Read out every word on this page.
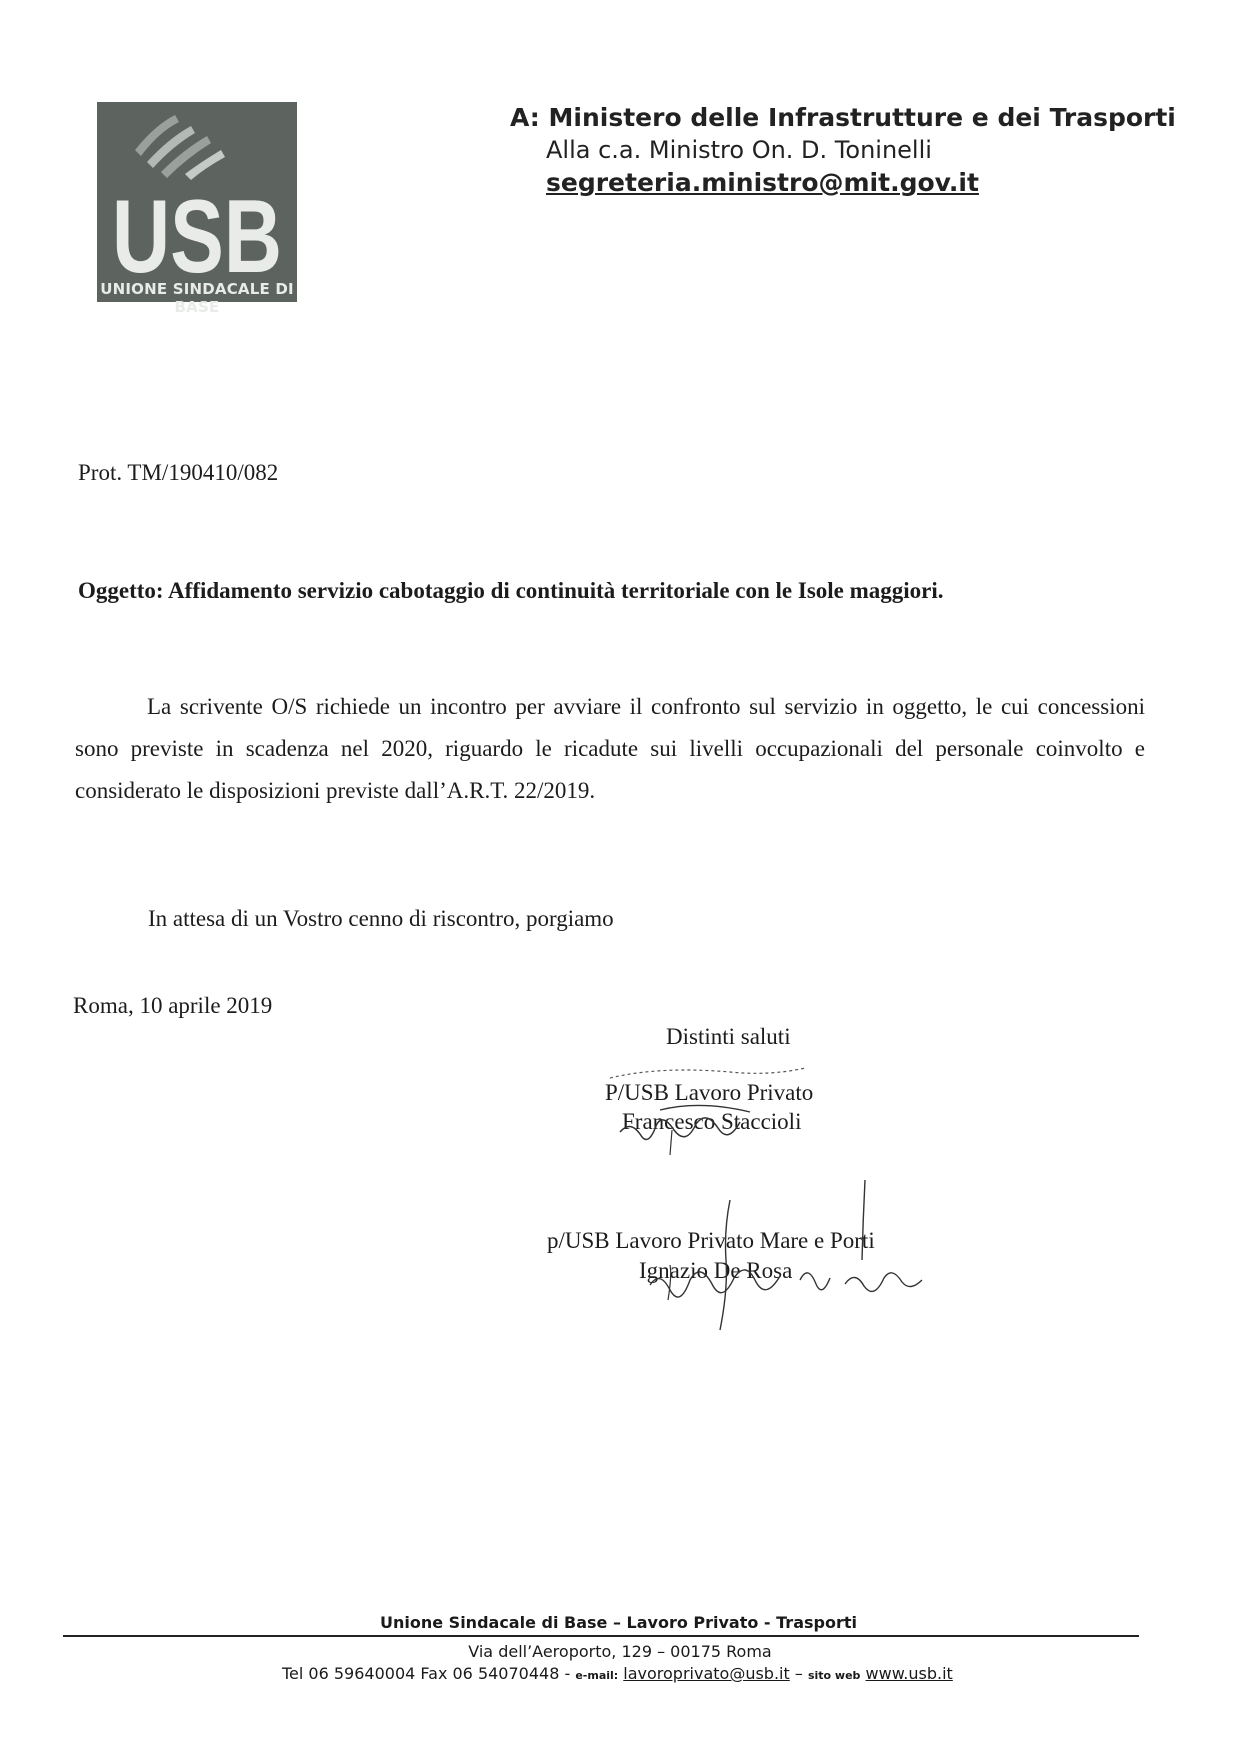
USB
UNIONE SINDACALE DI BASE
A: Ministero delle Infrastrutture e dei Trasporti
Alla c.a. Ministro On. D. Toninelli
segreteria.ministro@mit.gov.it
Prot. TM/190410/082
Oggetto: Affidamento servizio cabotaggio di continuità territoriale con le Isole maggiori.
La scrivente O/S richiede un incontro per avviare il confronto sul servizio in oggetto, le cui concessioni sono previste in scadenza nel 2020, riguardo le ricadute sui livelli occupazionali del personale coinvolto e considerato le disposizioni previste dall’A.R.T. 22/2019.
In attesa di un Vostro cenno di riscontro, porgiamo
Roma, 10 aprile 2019
Distinti saluti
P/USB Lavoro Privato
Francesco Staccioli
p/USB Lavoro Privato Mare e Porti
Ignazio De Rosa
Unione Sindacale di Base – Lavoro Privato - Trasporti
Via dell’Aeroporto, 129 – 00175 Roma
Tel 06 59640004 Fax 06 54070448 - e-mail: lavoroprivato@usb.it – sito web www.usb.it
